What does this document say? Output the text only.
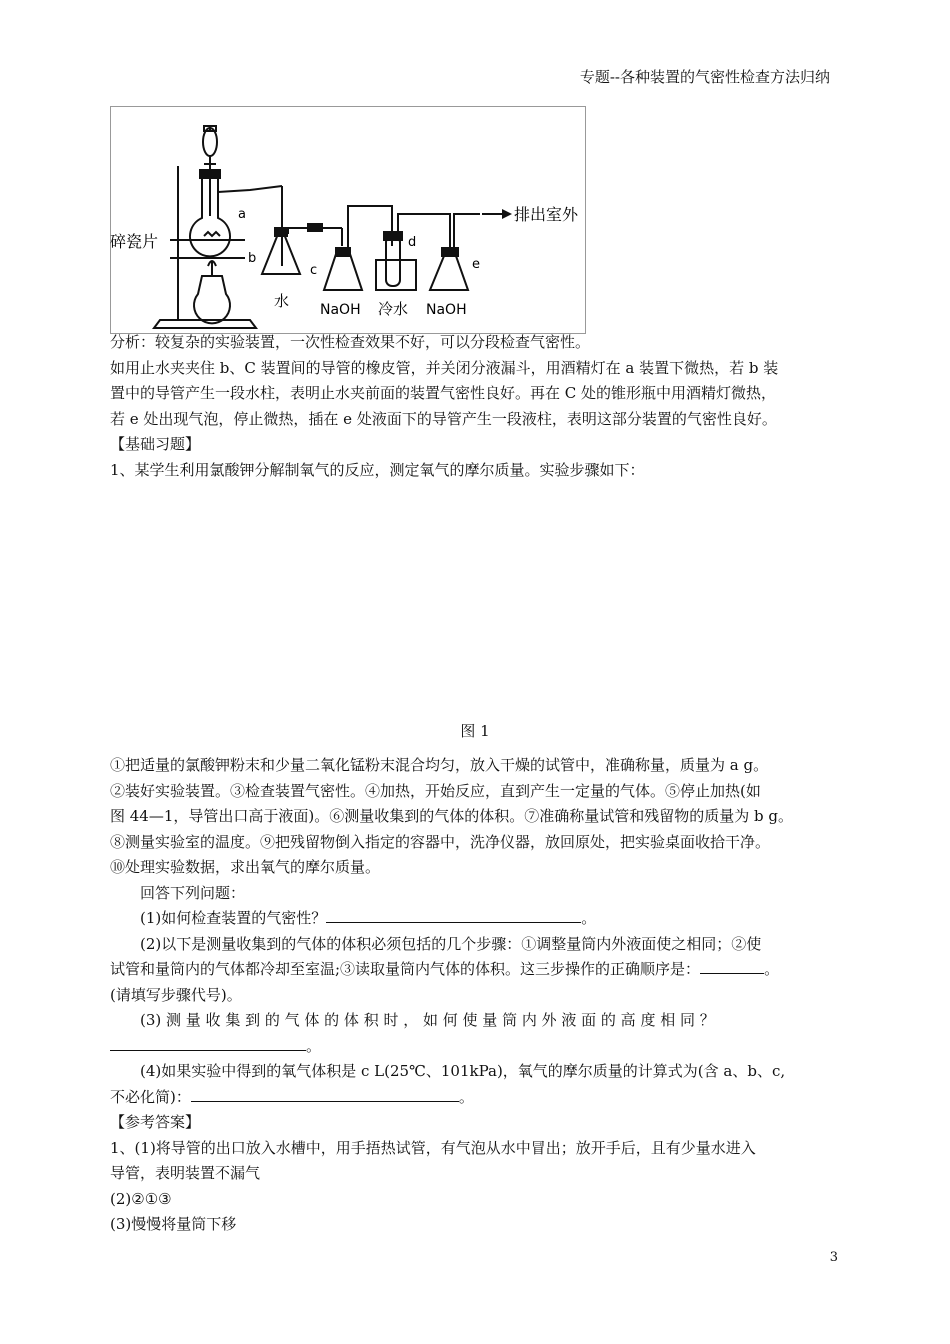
专题--各种装置的气密性检查方法归纳
排出室外
碎瓷片
a
b
c
d
e
水 NaOH 冷水 NaOH
分析：较复杂的实验装置，一次性检查效果不好，可以分段检查气密性。
如用止水夹夹住 b、C 装置间的导管的橡皮管，并关闭分液漏斗，用酒精灯在 a 装置下微热，若 b 装
置中的导管产生一段水柱，表明止水夹前面的装置气密性良好。再在 C 处的锥形瓶中用酒精灯微热，
若 e 处出现气泡，停止微热，插在 e 处液面下的导管产生一段液柱，表明这部分装置的气密性良好。
【基础习题】
1、某学生利用氯酸钾分解制氧气的反应，测定氧气的摩尔质量。实验步骤如下：
图 1
①把适量的氯酸钾粉末和少量二氧化锰粉末混合均匀，放入干燥的试管中，准确称量，质量为 a g。
②装好实验装置。③检查装置气密性。④加热，开始反应，直到产生一定量的气体。⑤停止加热(如
图 44—1，导管出口高于液面)。⑥测量收集到的气体的体积。⑦准确称量试管和残留物的质量为 b g。
⑧测量实验室的温度。⑨把残留物倒入指定的容器中，洗净仪器，放回原处，把实验桌面收拾干净。
⑩处理实验数据，求出氧气的摩尔质量。
回答下列问题：
(1)如何检查装置的气密性？	。
(2)以下是测量收集到的气体的体积必须包括的几个步骤：①调整量筒内外液面使之相同；②使
试管和量筒内的气体都冷却至室温;③读取量筒内气体的体积。这三步操作的正确顺序是：	。
(请填写步骤代号)。
(3) 测 量 收 集 到 的 气 体 的 体 积 时 ， 如 何 使 量 筒 内 外 液 面 的 高 度 相 同 ？
。
(4)如果实验中得到的氧气体积是 c L(25℃、101kPa)，氧气的摩尔质量的计算式为(含 a、b、c,
不必化简)：	。
【参考答案】
1、(1)将导管的出口放入水槽中，用手捂热试管，有气泡从水中冒出；放开手后，且有少量水进入
导管，表明装置不漏气
(2)②①③
(3)慢慢将量筒下移
3
